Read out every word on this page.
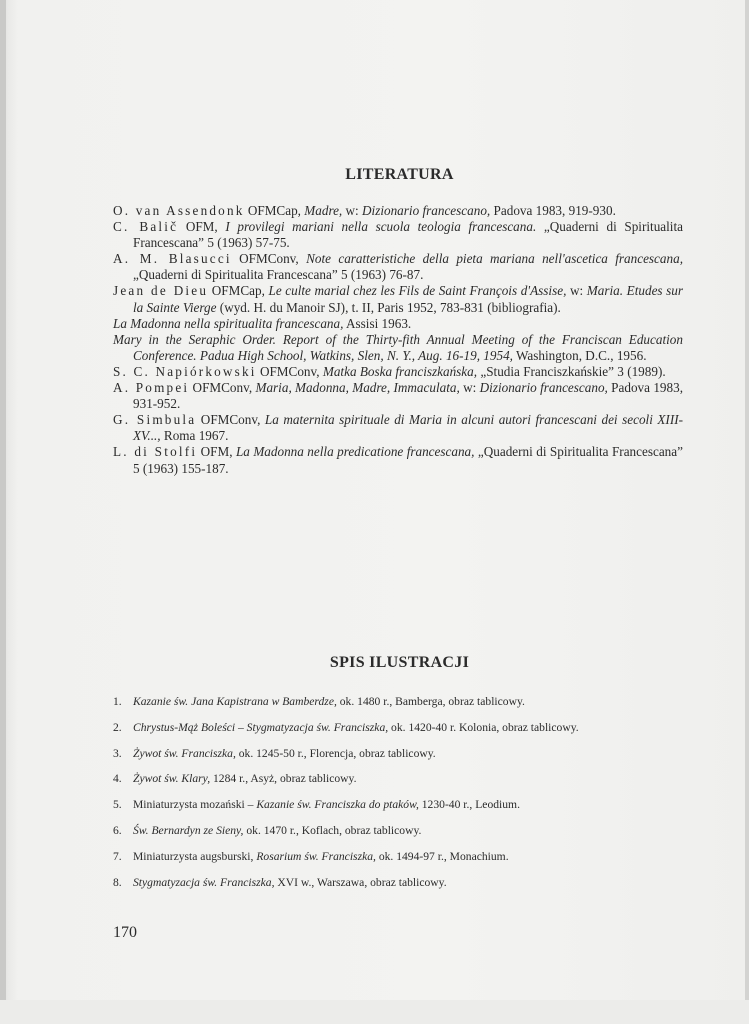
LITERATURA

O. van Assendonk OFMCap, Madre, w: Dizionario francescano, Padova 1983, 919-930.

C. Balič OFM, I provilegi mariani nella scuola teologia francescana. „Quaderni di Spiritualita Francescana” 5 (1963) 57-75.

A. M. Blasucci OFMConv, Note caratteristiche della pieta mariana nell'ascetica francescana, „Quaderni di Spiritualita Francescana” 5 (1963) 76-87.

Jean de Dieu OFMCap, Le culte marial chez les Fils de Saint François d'Assise, w: Maria. Etudes sur la Sainte Vierge (wyd. H. du Manoir SJ), t. II, Paris 1952, 783-831 (bibliografia).

La Madonna nella spiritualita francescana, Assisi 1963.

Mary in the Seraphic Order. Report of the Thirty-fith Annual Meeting of the Franciscan Education Conference. Padua High School, Watkins, Slen, N. Y., Aug. 16-19, 1954, Washington, D.C., 1956.

S. C. Napiórkowski OFMConv, Matka Boska franciszkańska, „Studia Franciszkańskie” 3 (1989).

A. Pompei OFMConv, Maria, Madonna, Madre, Immaculata, w: Dizionario francescano, Padova 1983, 931-952.

G. Simbula OFMConv, La maternita spirituale di Maria in alcuni autori francescani dei secoli XIII-XV..., Roma 1967.

L. di Stolfi OFM, La Madonna nella predicatione francescana, „Quaderni di Spiritualita Francescana” 5 (1963) 155-187.

SPIS ILUSTRACJI
1. Kazanie św. Jana Kapistrana w Bamberdze, ok. 1480 r., Bamberga, obraz tablicowy.
2. Chrystus-Mąż Boleści – Stygmatyzacja św. Franciszka, ok. 1420-40 r. Kolonia, obraz tablicowy.
3. Żywot św. Franciszka, ok. 1245-50 r., Florencja, obraz tablicowy.
4. Żywot św. Klary, 1284 r., Asyż, obraz tablicowy.
5. Miniaturzysta mozański – Kazanie św. Franciszka do ptaków, 1230-40 r., Leodium.
6. Św. Bernardyn ze Sieny, ok. 1470 r., Koflach, obraz tablicowy.
7. Miniaturzysta augsburski, Rosarium św. Franciszka, ok. 1494-97 r., Monachium.
8. Stygmatyzacja św. Franciszka, XVI w., Warszawa, obraz tablicowy.
170
